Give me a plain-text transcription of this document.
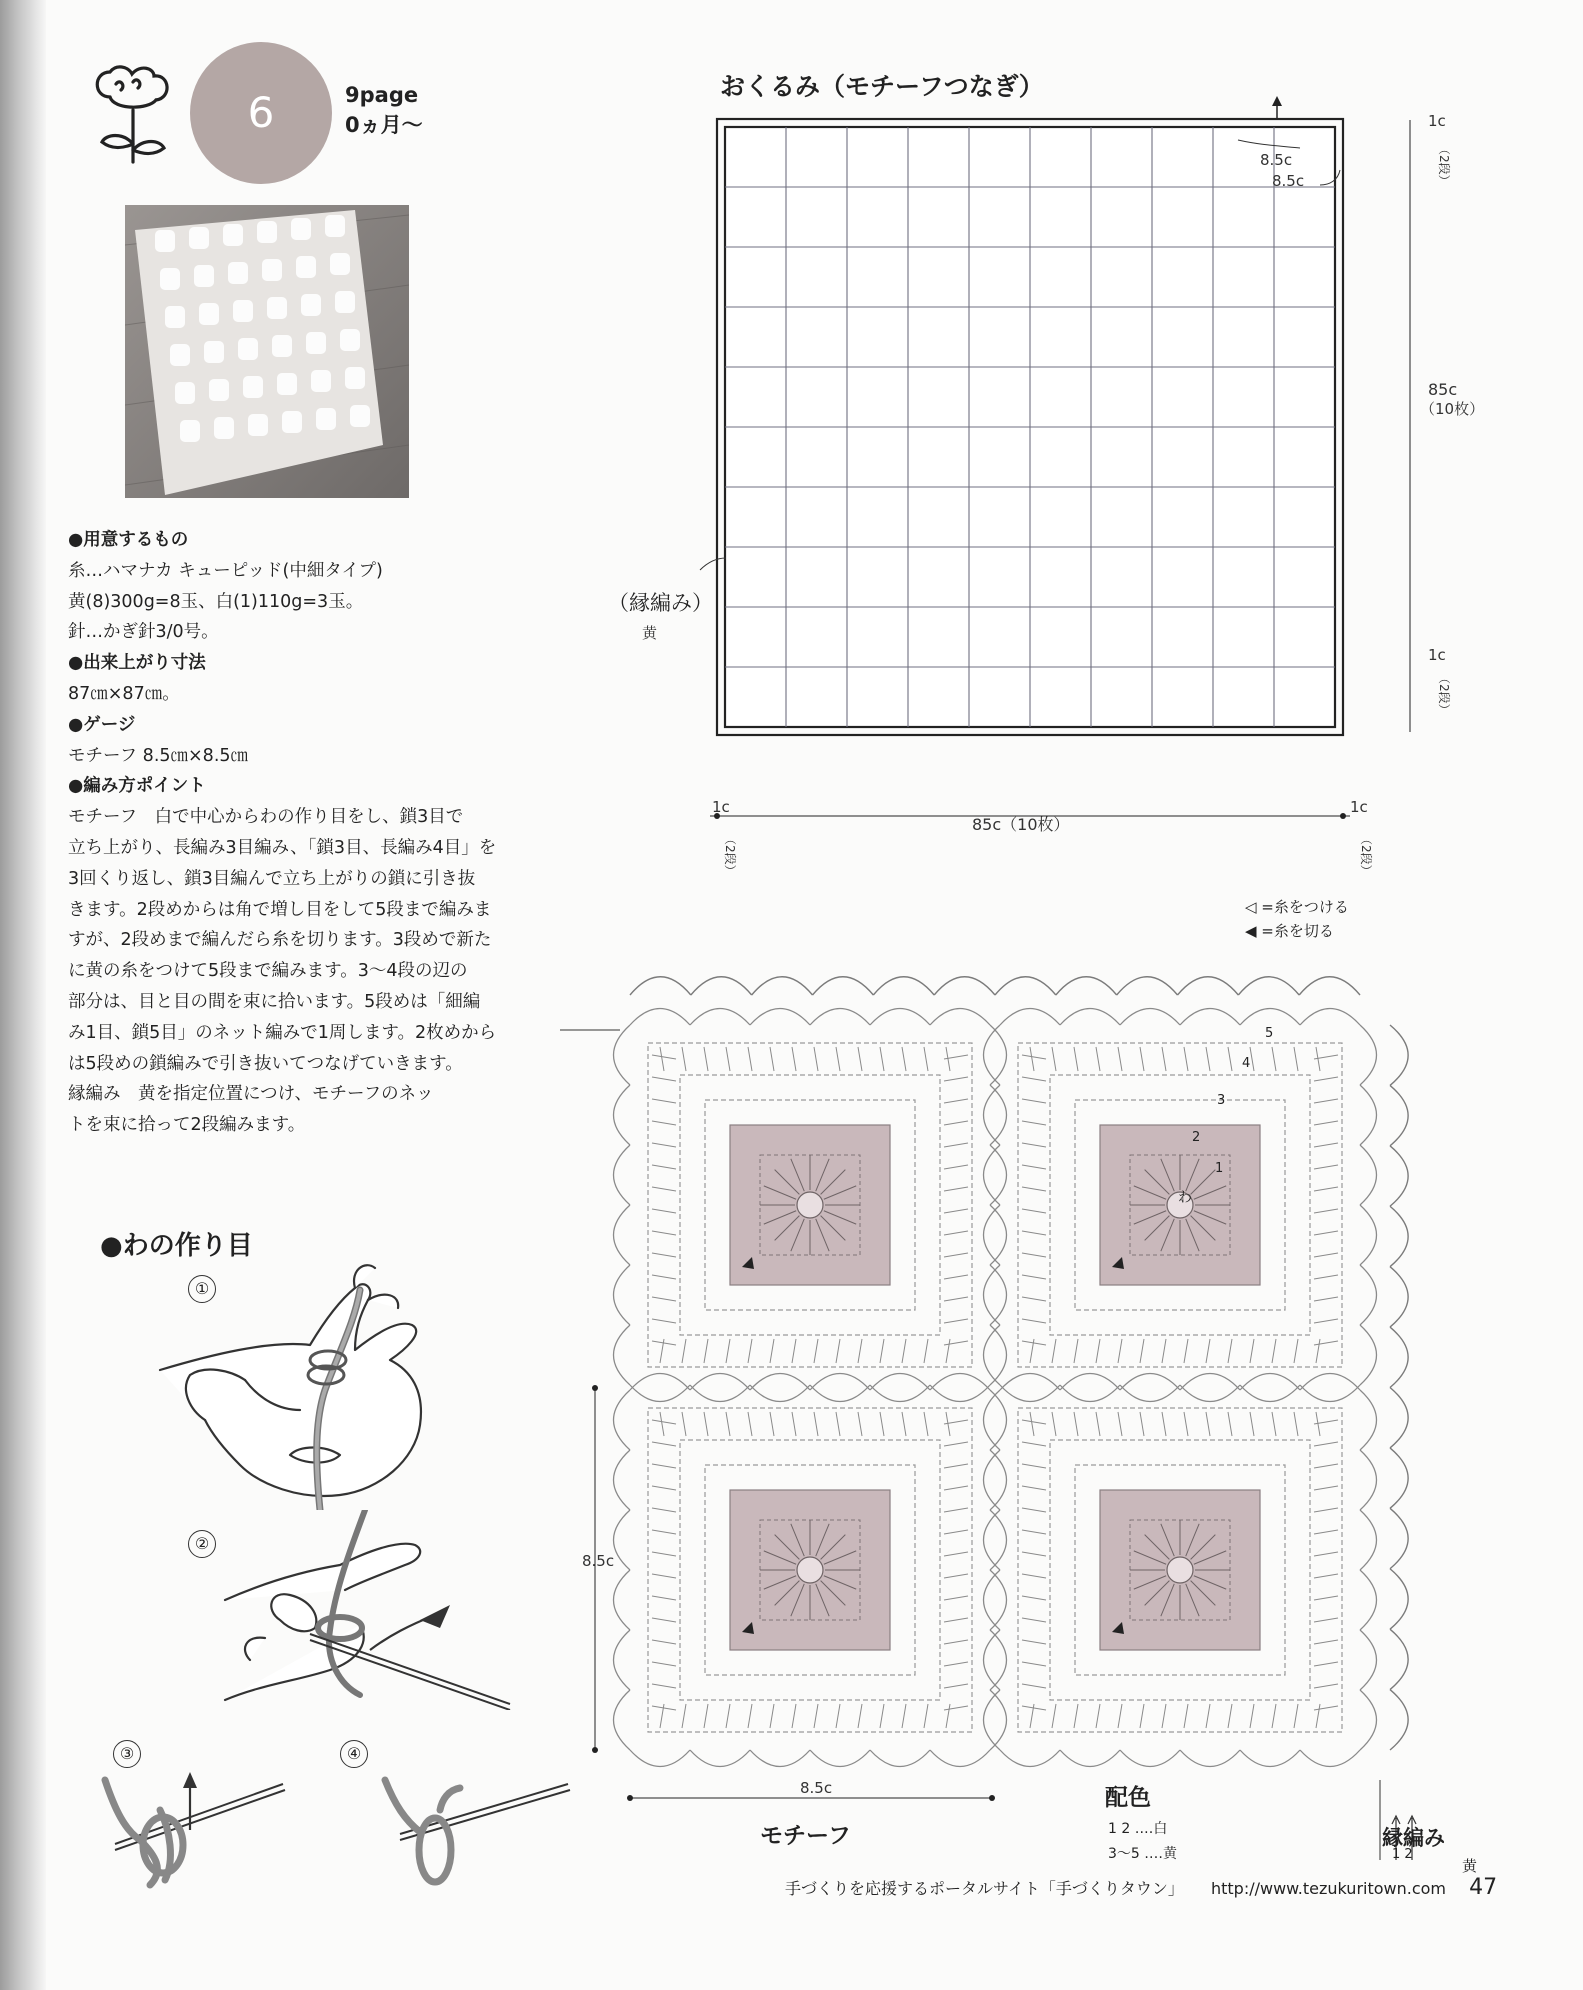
6	9page
0ヵ月〜

● 用意するもの

糸…ハマナカ キューピッド(中細タイプ)

黄(8)300g=8玉、白(1)110g=3玉。

針…かぎ針3/0号。

● 出来上がり寸法

87㎝×87㎝。

● ゲージ

モチーフ 8.5㎝×8.5㎝

● 編み方ポイント

モチーフ　白で中心からわの作り目をし、鎖3目で

立ち上がり、長編み3目編み、「鎖3目、長編み4目」を

3回くり返し、鎖3目編んで立ち上がりの鎖に引き抜

きます。2段めからは角で増し目をして5段まで編みま

すが、2段めまで編んだら糸を切ります。3段めで新た

に黄の糸をつけて5段まで編みます。3〜4段の辺の

部分は、目と目の間を束に拾います。5段めは「細編

み1目、鎖5目」のネット編みで1周します。2枚めから

は5段めの鎖編みで引き抜いてつなげていきます。

縁編み　黄を指定位置につけ、モチーフのネッ

トを束に拾って2段編みます。

● わの作り目
①
②
③	④
おくるみ（モチーフつなぎ）
1c
（2段）
85c
（10枚）
1c
（2段）
8.5c
8.5c
1c
（2段）
85c（10枚）
1c
（2段）
（縁編み）
黄
◁ =糸をつける
◀ =糸を切る
5
4
3
2
1
わ
8.5c
8.5c
モチーフ
配色
1 2 ‥‥白
3〜5 ‥‥黄	1 2
縁編み
黄
手づくりを応援するポータルサイト「手づくりタウン」 http://www.tezukuritown.com 47
